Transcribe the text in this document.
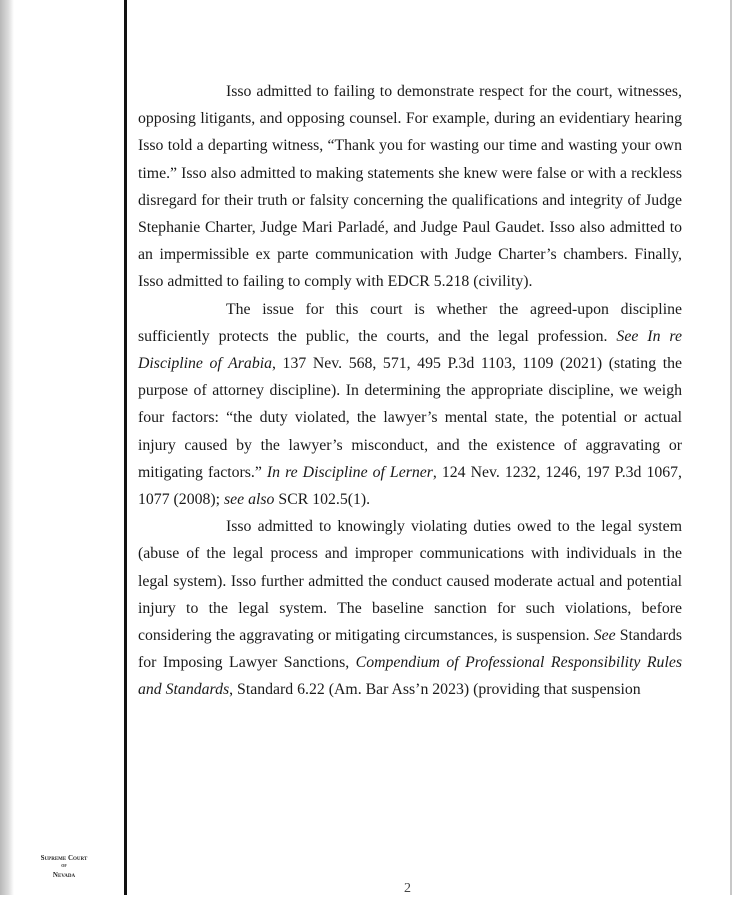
Isso admitted to failing to demonstrate respect for the court, witnesses, opposing litigants, and opposing counsel. For example, during an evidentiary hearing Isso told a departing witness, “Thank you for wasting our time and wasting your own time.” Isso also admitted to making statements she knew were false or with a reckless disregard for their truth or falsity concerning the qualifications and integrity of Judge Stephanie Charter, Judge Mari Parladé, and Judge Paul Gaudet. Isso also admitted to an impermissible ex parte communication with Judge Charter’s chambers. Finally, Isso admitted to failing to comply with EDCR 5.218 (civility).

The issue for this court is whether the agreed-upon discipline sufficiently protects the public, the courts, and the legal profession. See In re Discipline of Arabia, 137 Nev. 568, 571, 495 P.3d 1103, 1109 (2021) (stating the purpose of attorney discipline). In determining the appropriate discipline, we weigh four factors: “the duty violated, the lawyer’s mental state, the potential or actual injury caused by the lawyer’s misconduct, and the existence of aggravating or mitigating factors.” In re Discipline of Lerner, 124 Nev. 1232, 1246, 197 P.3d 1067, 1077 (2008); see also SCR 102.5(1).

Isso admitted to knowingly violating duties owed to the legal system (abuse of the legal process and improper communications with individuals in the legal system). Isso further admitted the conduct caused moderate actual and potential injury to the legal system. The baseline sanction for such violations, before considering the aggravating or mitigating circumstances, is suspension. See Standards for Imposing Lawyer Sanctions, Compendium of Professional Responsibility Rules and Standards, Standard 6.22 (Am. Bar Ass’n 2023) (providing that suspension

Supreme Court
of
Nevada
2
